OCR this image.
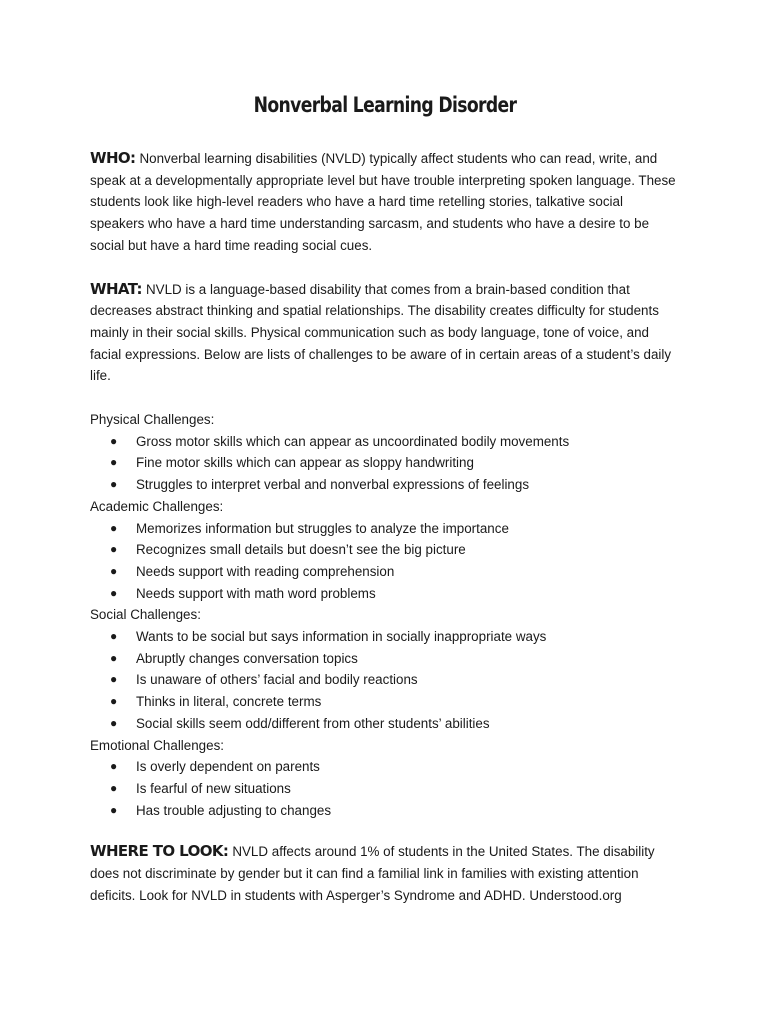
Nonverbal Learning Disorder

WHO: Nonverbal learning disabilities (NVLD) typically affect students who can read, write, and speak at a developmentally appropriate level but have trouble interpreting spoken language. These students look like high-level readers who have a hard time retelling stories, talkative social speakers who have a hard time understanding sarcasm, and students who have a desire to be social but have a hard time reading social cues.

WHAT: NVLD is a language-based disability that comes from a brain-based condition that decreases abstract thinking and spatial relationships. The disability creates difficulty for students mainly in their social skills. Physical communication such as body language, tone of voice, and facial expressions. Below are lists of challenges to be aware of in certain areas of a student’s daily life.

Physical Challenges:

● Gross motor skills which can appear as uncoordinated bodily movements
● Fine motor skills which can appear as sloppy handwriting
● Struggles to interpret verbal and nonverbal expressions of feelings

Academic Challenges:

● Memorizes information but struggles to analyze the importance
● Recognizes small details but doesn’t see the big picture
● Needs support with reading comprehension
● Needs support with math word problems

Social Challenges:

● Wants to be social but says information in socially inappropriate ways
● Abruptly changes conversation topics
● Is unaware of others’ facial and bodily reactions
● Thinks in literal, concrete terms
● Social skills seem odd/different from other students’ abilities

Emotional Challenges:

● Is overly dependent on parents
● Is fearful of new situations
● Has trouble adjusting to changes

WHERE TO LOOK: NVLD affects around 1% of students in the United States. The disability does not discriminate by gender but it can find a familial link in families with existing attention deficits. Look for NVLD in students with Asperger’s Syndrome and ADHD. Understood.org
